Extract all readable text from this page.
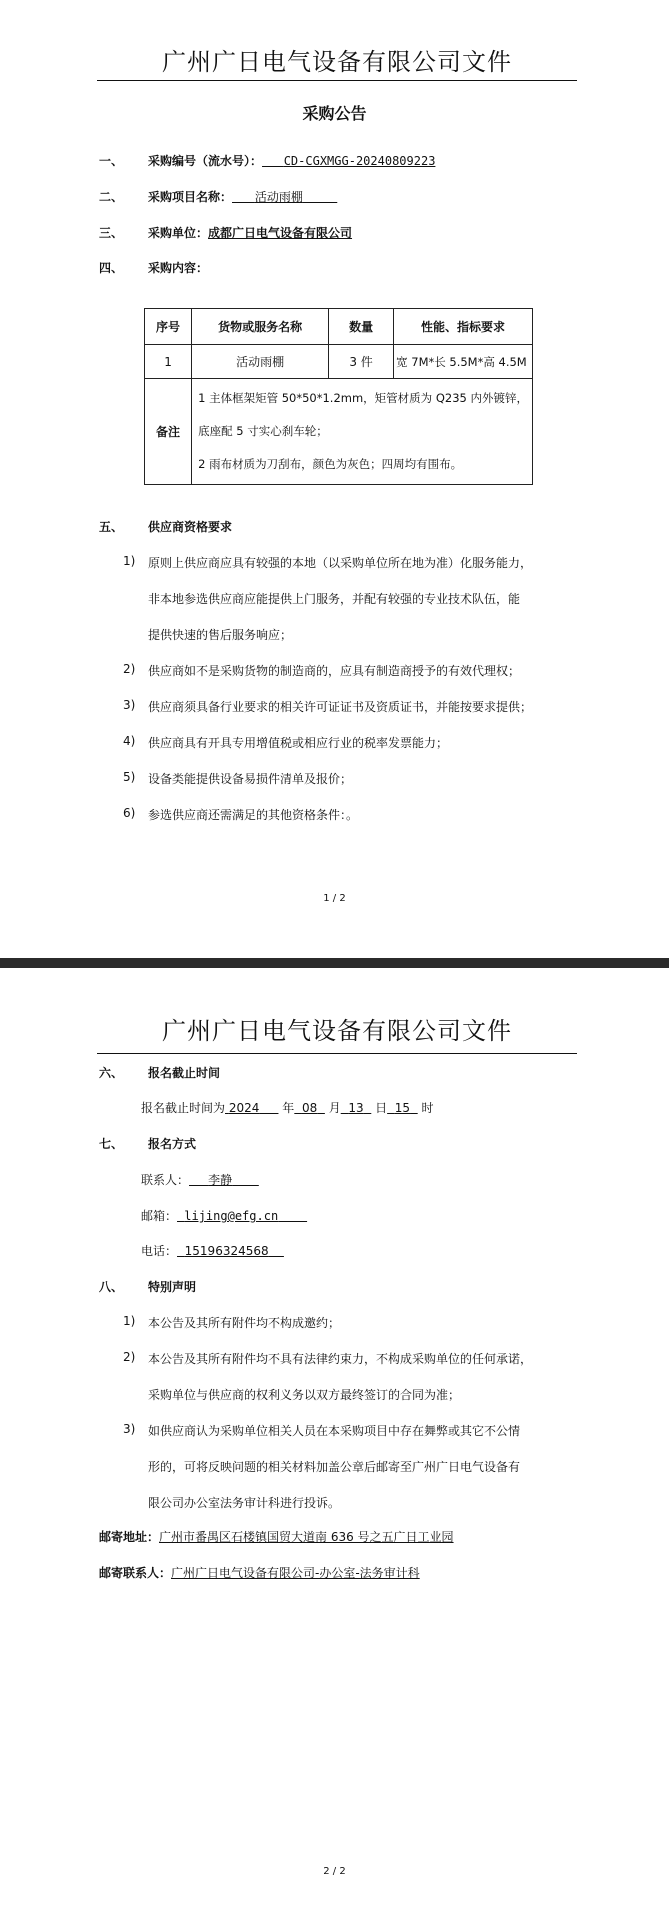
广州广日电气设备有限公司文件
采购公告
一、 采购编号（流水号）： CD-CGXMGG-20240809223
二、 采购项目名称： 活动雨棚
三、 采购单位：成都广日电气设备有限公司
四、 采购内容：
序号	货物或服务名称	数量	性能、指标要求
1	活动雨棚	3 件	宽 7M*长 5.5M*高 4.5M
备注	1 主体框架矩管 50*50*1.2mm，矩管材质为 Q235 内外镀锌，
底座配 5 寸实心刹车轮；
2 雨布材质为刀刮布，颜色为灰色；四周均有围布。		
五、 供应商资格要求
1) 原则上供应商应具有较强的本地（以采购单位所在地为准）化服务能力，
非本地参选供应商应能提供上门服务，并配有较强的专业技术队伍，能
提供快速的售后服务响应；
2) 供应商如不是采购货物的制造商的，应具有制造商授予的有效代理权；
3) 供应商须具备行业要求的相关许可证证书及资质证书，并能按要求提供；
4) 供应商具有开具专用增值税或相应行业的税率发票能力；
5) 设备类能提供设备易损件清单及报价；
6) 参选供应商还需满足的其他资格条件：。
1 / 2
广州广日电气设备有限公司文件
六、 报名截止时间
报名截止时间为 2024 年 08 月 13 日 15 时
七、 报名方式
联系人： 李静
邮箱： lijing@efg.cn
电话： 15196324568
八、 特别声明
1) 本公告及其所有附件均不构成邀约；
2) 本公告及其所有附件均不具有法律约束力，不构成采购单位的任何承诺，
采购单位与供应商的权利义务以双方最终签订的合同为准；
3) 如供应商认为采购单位相关人员在本采购项目中存在舞弊或其它不公情
形的，可将反映问题的相关材料加盖公章后邮寄至广州广日电气设备有
限公司办公室法务审计科进行投诉。
邮寄地址：广州市番禺区石楼镇国贸大道南 636 号之五广日工业园
邮寄联系人：广州广日电气设备有限公司-办公室-法务审计科
2 / 2
